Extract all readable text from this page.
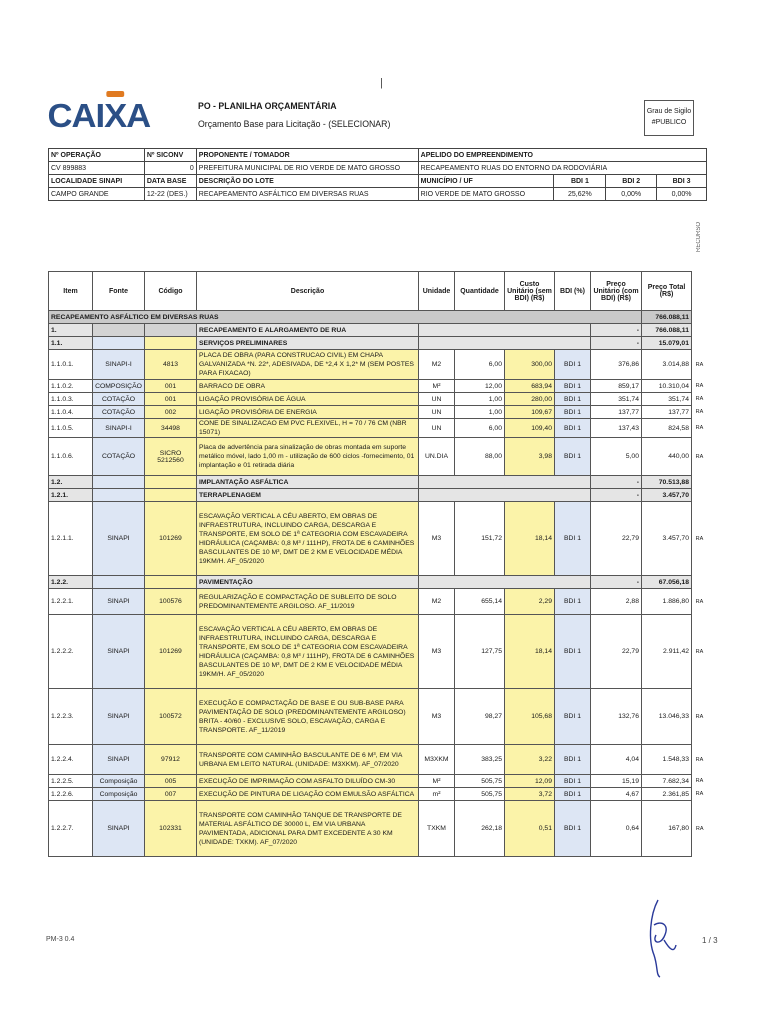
|
CAIXA	PO - PLANILHA ORÇAMENTÁRIA
Orçamento Base para Licitação - (SELECIONAR)
Grau de Sigilo
#PUBLICO
Nº OPERAÇÃO	Nº SICONV	PROPONENTE / TOMADOR	APELIDO DO EMPREENDIMENTO			
CV 899883	0	PREFEITURA MUNICIPAL DE RIO VERDE DE MATO GROSSO	RECAPEAMENTO RUAS DO ENTORNO DA RODOVIÁRIA			
LOCALIDADE SINAPI	DATA BASE	DESCRIÇÃO DO LOTE	MUNICÍPIO / UF	BDI 1	BDI 2	BDI 3
CAMPO GRANDE	12-22 (DES.)	RECAPEAMENTO ASFÁLTICO EM DIVERSAS RUAS	RIO VERDE DE MATO GROSSO	25,62%	0,00%	0,00%
RECURSO
Item	Fonte	Código	Descrição	Unidade	Quantidade	Custo Unitário (sem BDI) (R$)	BDI (%)	Preço Unitário (com BDI) (R$)	Preço Total (R$)	
RECAPEAMENTO ASFÁLTICO EM DIVERSAS RUAS									766.088,11	
1.			RECAPEAMENTO E ALARGAMENTO DE RUA					-	766.088,11	
1.1.			SERVIÇOS PRELIMINARES					-	15.079,01	
1.1.0.1.	SINAPI-I	4813	PLACA DE OBRA (PARA CONSTRUCAO CIVIL) EM CHAPA GALVANIZADA *N. 22*, ADESIVADA, DE *2,4 X 1,2* M (SEM POSTES PARA FIXACAO)	M2	6,00	300,00	BDI 1	376,86	3.014,88	RA
1.1.0.2.	COMPOSIÇÃO	001	BARRACO DE OBRA	M²	12,00	683,94	BDI 1	859,17	10.310,04	RA
1.1.0.3.	COTAÇÃO	001	LIGAÇÃO PROVISÓRIA DE ÁGUA	UN	1,00	280,00	BDI 1	351,74	351,74	RA
1.1.0.4.	COTAÇÃO	002	LIGAÇÃO PROVISÓRIA DE ENERGIA	UN	1,00	109,67	BDI 1	137,77	137,77	RA
1.1.0.5.	SINAPI-I	34498	CONE DE SINALIZACAO EM PVC FLEXIVEL, H = 70 / 76 CM (NBR 15071)	UN	6,00	109,40	BDI 1	137,43	824,58	RA
1.1.0.6.	COTAÇÃO	SICRO 5212560	Placa de advertência para sinalização de obras montada em suporte metálico móvel, lado 1,00 m - utilização de 600 ciclos -fornecimento, 01 implantação e 01 retirada diária	UN.DIA	88,00	3,98	BDI 1	5,00	440,00	RA
1.2.			IMPLANTAÇÃO ASFÁLTICA					-	70.513,88	
1.2.1.			TERRAPLENAGEM					-	3.457,70	
1.2.1.1.	SINAPI	101269	ESCAVAÇÃO VERTICAL A CÉU ABERTO, EM OBRAS DE INFRAESTRUTURA, INCLUINDO CARGA, DESCARGA E TRANSPORTE, EM SOLO DE 1ª CATEGORIA COM ESCAVADEIRA HIDRÁULICA (CAÇAMBA: 0,8 M³ / 111HP), FROTA DE 6 CAMINHÕES BASCULANTES DE 10 M³, DMT DE 2 KM E VELOCIDADE MÉDIA 19KM/H. AF_05/2020	M3	151,72	18,14	BDI 1	22,79	3.457,70	RA
1.2.2.			PAVIMENTAÇÃO					-	67.056,18	
1.2.2.1.	SINAPI	100576	REGULARIZAÇÃO E COMPACTAÇÃO DE SUBLEITO DE SOLO PREDOMINANTEMENTE ARGILOSO. AF_11/2019	M2	655,14	2,29	BDI 1	2,88	1.886,80	RA
1.2.2.2.	SINAPI	101269	ESCAVAÇÃO VERTICAL A CÉU ABERTO, EM OBRAS DE INFRAESTRUTURA, INCLUINDO CARGA, DESCARGA E TRANSPORTE, EM SOLO DE 1ª CATEGORIA COM ESCAVADEIRA HIDRÁULICA (CAÇAMBA: 0,8 M³ / 111HP), FROTA DE 6 CAMINHÕES BASCULANTES DE 10 M³, DMT DE 2 KM E VELOCIDADE MÉDIA 19KM/H. AF_05/2020	M3	127,75	18,14	BDI 1	22,79	2.911,42	RA
1.2.2.3.	SINAPI	100572	EXECUÇÃO E COMPACTAÇÃO DE BASE E OU SUB-BASE PARA PAVIMENTAÇÃO DE SOLO (PREDOMINANTEMENTE ARGILOSO) BRITA - 40/60 - EXCLUSIVE SOLO, ESCAVAÇÃO, CARGA E TRANSPORTE. AF_11/2019	M3	98,27	105,68	BDI 1	132,76	13.046,33	RA
1.2.2.4.	SINAPI	97912	TRANSPORTE COM CAMINHÃO BASCULANTE DE 6 M³, EM VIA URBANA EM LEITO NATURAL (UNIDADE: M3XKM). AF_07/2020	M3XKM	383,25	3,22	BDI 1	4,04	1.548,33	RA
1.2.2.5.	Composição	005	EXECUÇÃO DE IMPRIMAÇÃO COM ASFALTO DILUÍDO CM-30	M²	505,75	12,09	BDI 1	15,19	7.682,34	RA
1.2.2.6.	Composição	007	EXECUÇÃO DE PINTURA DE LIGAÇÃO COM EMULSÃO ASFÁLTICA	m²	505,75	3,72	BDI 1	4,67	2.361,85	RA
1.2.2.7.	SINAPI	102331	TRANSPORTE COM CAMINHÃO TANQUE DE TRANSPORTE DE MATERIAL ASFÁLTICO DE 30000 L, EM VIA URBANA PAVIMENTADA, ADICIONAL PARA DMT EXCEDENTE A 30 KM (UNIDADE: TXKM). AF_07/2020	TXKM	262,18	0,51	BDI 1	0,64	167,80	RA
PM-3 0.4	1 / 3
